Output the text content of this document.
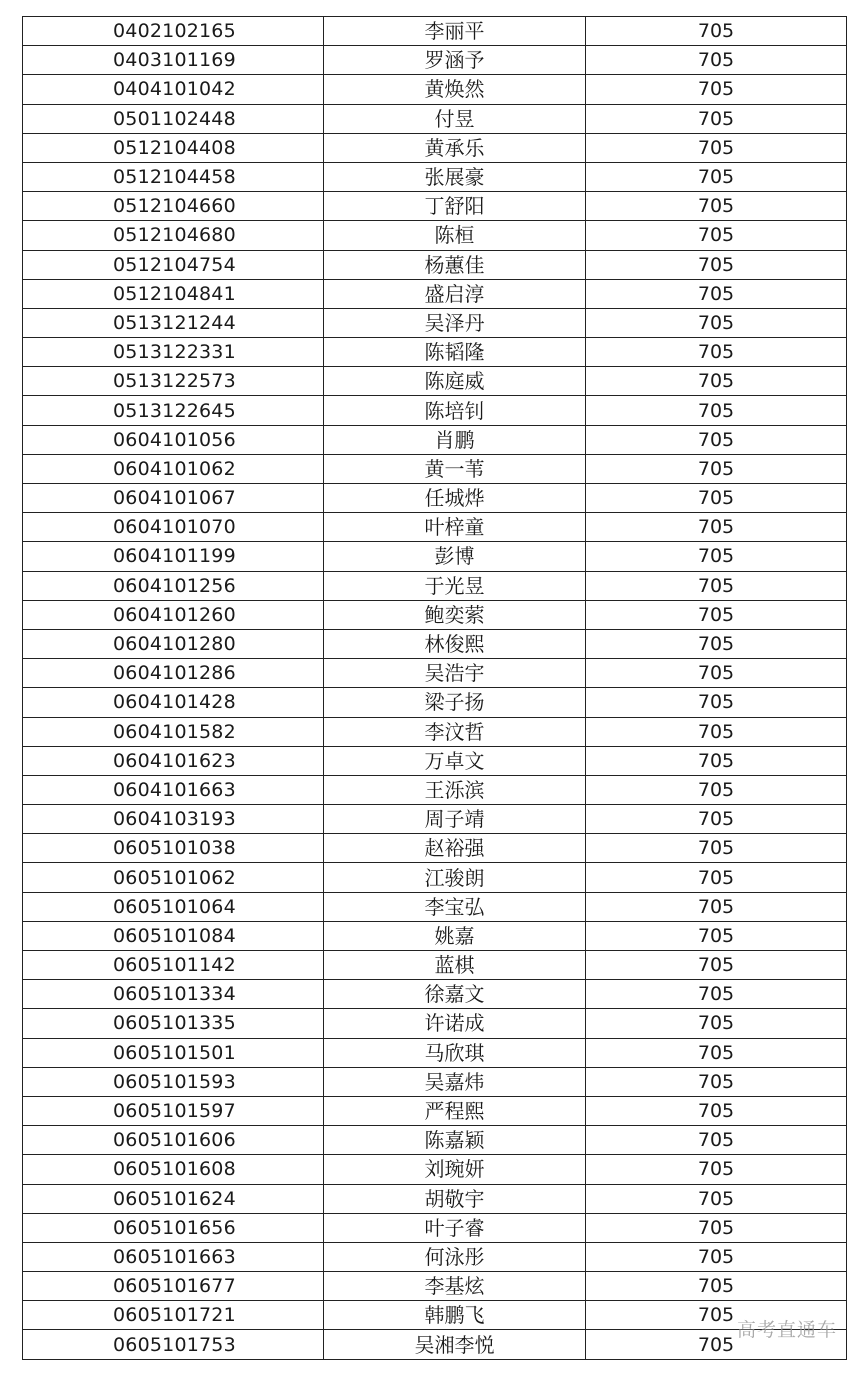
0402102165	李丽平	705
0403101169	罗涵予	705
0404101042	黄焕然	705
0501102448	付昱	705
0512104408	黄承乐	705
0512104458	张展豪	705
0512104660	丁舒阳	705
0512104680	陈桓	705
0512104754	杨蕙佳	705
0512104841	盛启淳	705
0513121244	吴泽丹	705
0513122331	陈韬隆	705
0513122573	陈庭威	705
0513122645	陈培钊	705
0604101056	肖鹏	705
0604101062	黄一苇	705
0604101067	任城烨	705
0604101070	叶梓童	705
0604101199	彭博	705
0604101256	于光昱	705
0604101260	鲍奕萦	705
0604101280	林俊熙	705
0604101286	吴浩宇	705
0604101428	梁子扬	705
0604101582	李汶哲	705
0604101623	万卓文	705
0604101663	王泺滨	705
0604103193	周子靖	705
0605101038	赵裕强	705
0605101062	江骏朗	705
0605101064	李宝弘	705
0605101084	姚嘉	705
0605101142	蓝棋	705
0605101334	徐嘉文	705
0605101335	许诺成	705
0605101501	马欣琪	705
0605101593	吴嘉炜	705
0605101597	严程熙	705
0605101606	陈嘉颖	705
0605101608	刘琬妍	705
0605101624	胡敬宇	705
0605101656	叶子睿	705
0605101663	何泳彤	705
0605101677	李基炫	705
0605101721	韩鹏飞	705
0605101753	吴湘李悦	705
高考直通车
